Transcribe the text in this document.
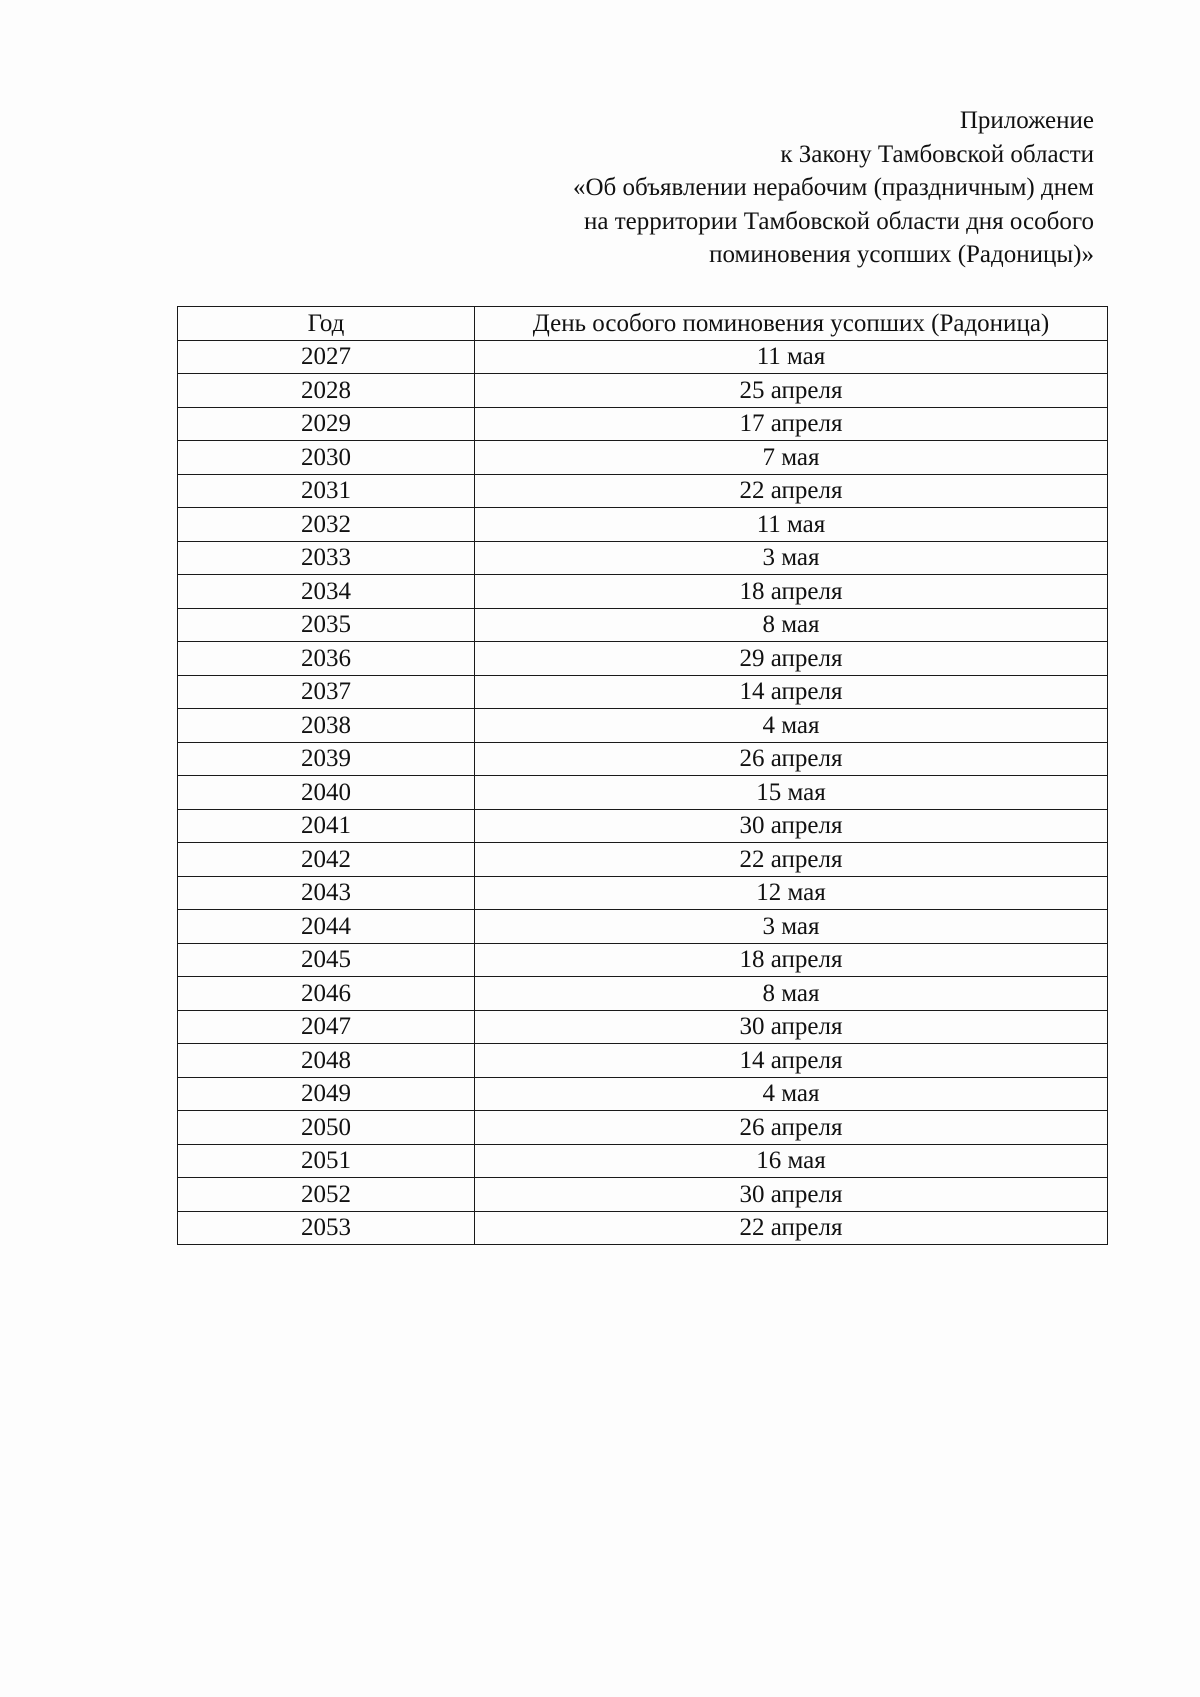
Приложение
к Закону Тамбовской области
«Об объявлении нерабочим (праздничным) днем
на территории Тамбовской области дня особого
поминовения усопших (Радоницы)»
Год	День особого поминовения усопших (Радоница)
2027	11 мая
2028	25 апреля
2029	17 апреля
2030	7 мая
2031	22 апреля
2032	11 мая
2033	3 мая
2034	18 апреля
2035	8 мая
2036	29 апреля
2037	14 апреля
2038	4 мая
2039	26 апреля
2040	15 мая
2041	30 апреля
2042	22 апреля
2043	12 мая
2044	3 мая
2045	18 апреля
2046	8 мая
2047	30 апреля
2048	14 апреля
2049	4 мая
2050	26 апреля
2051	16 мая
2052	30 апреля
2053	22 апреля
